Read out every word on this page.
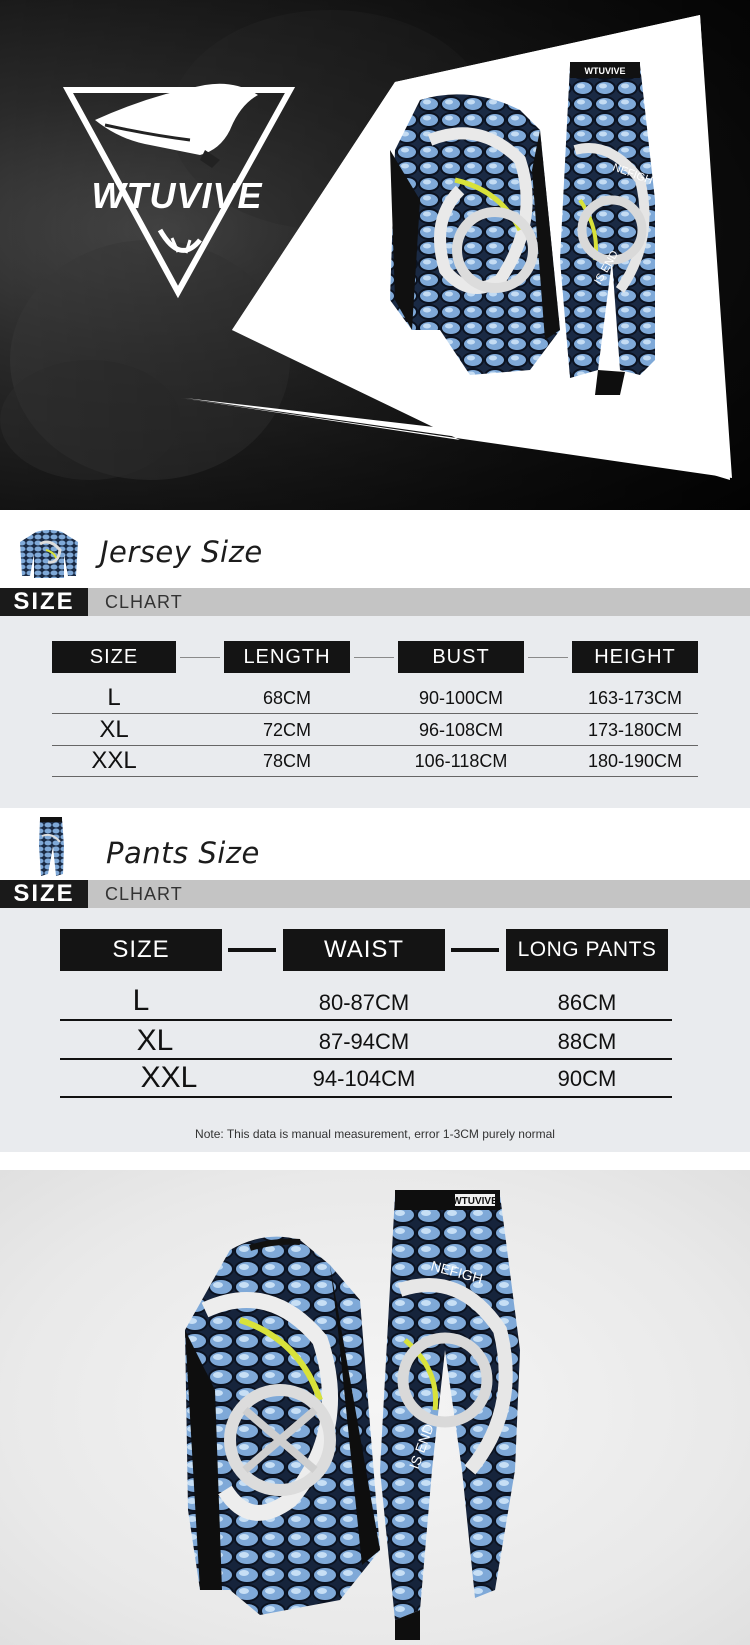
WTUVIVE
NEFIGH
IS END
WTUVIVE
Jersey Size
SIZE	CLHART
SIZE	LENGTH	BUST	HEIGHT
L	68CM	90-100CM	163-173CM
XL	72CM	96-108CM	173-180CM
XXL	78CM	106-118CM	180-190CM
Pants Size
SIZE	CLHART
SIZE	WAIST	LONG PANTS
L	80-87CM	86CM
XL	87-94CM	88CM
XXL	94-104CM	90CM
Note: This data is manual measurement, error 1-3CM purely normal
WTUVIVE
NEFIGH
IS END
